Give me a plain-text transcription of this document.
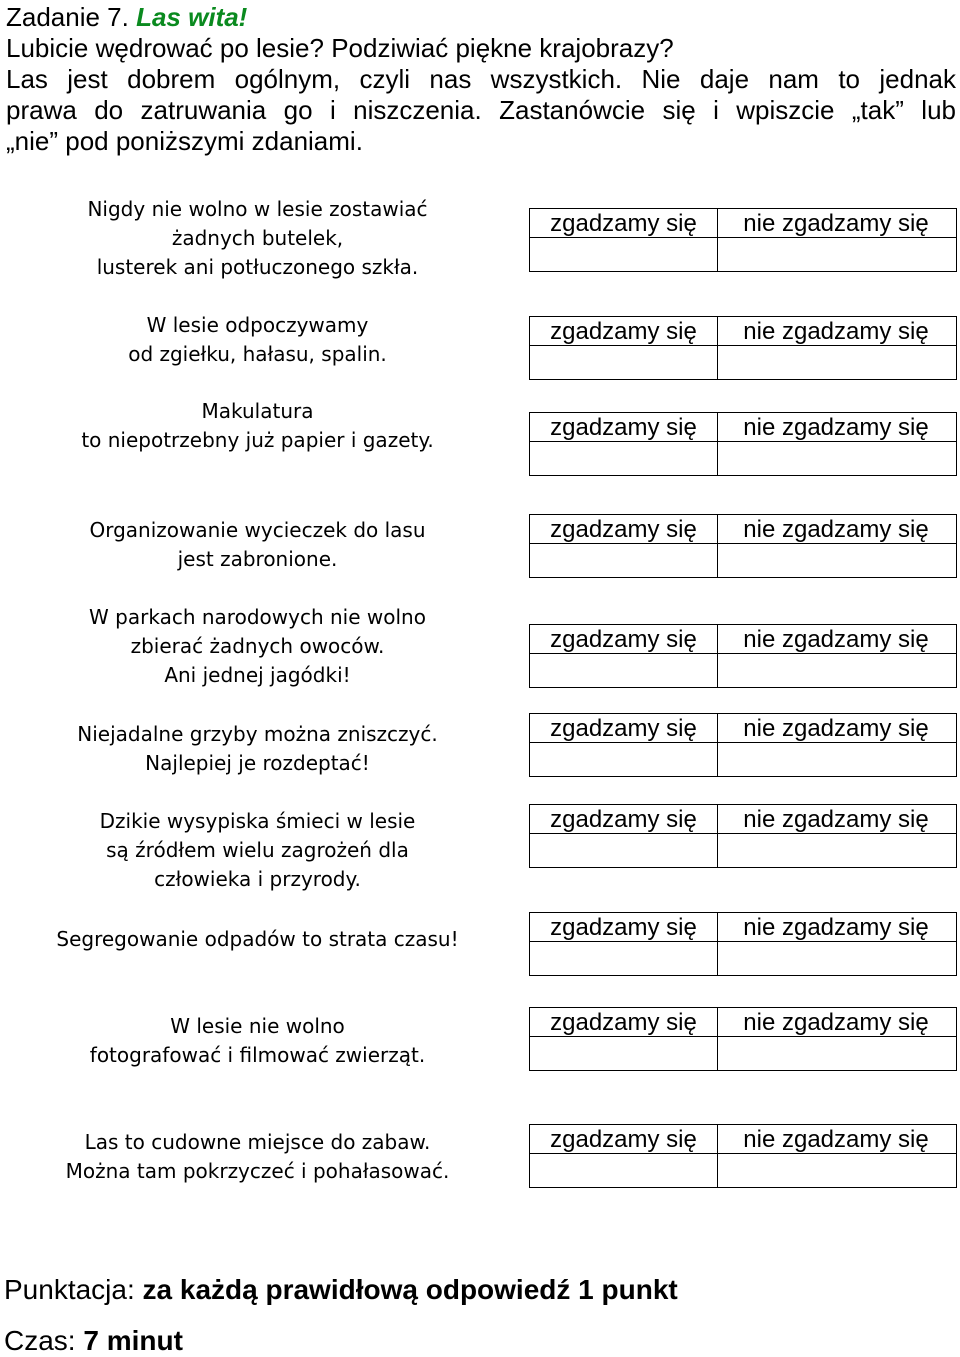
Zadanie 7. Las wita!

Lubicie wędrować po lesie? Podziwiać piękne krajobrazy?

Las jest dobrem ogólnym, czyli nas wszystkich. Nie daje nam to jednak

prawa do zatruwania go i niszczenia. Zastanówcie się i wpiszcie „tak” lub

„nie” pod poniższymi zdaniami.

Nigdy nie wolno w lesie zostawiać
żadnych butelek,
lusterek ani potłuczonego szkła.
zgadzamy się	nie zgadzamy się
W lesie odpoczywamy
od zgiełku, hałasu, spalin.
zgadzamy się	nie zgadzamy się
Makulatura
to niepotrzebny już papier i gazety.	zgadzamy się	nie zgadzamy się
Organizowanie wycieczek do lasu
jest zabronione.
zgadzamy się	nie zgadzamy się
W parkach narodowych nie wolno
zbierać żadnych owoców.
Ani jednej jagódki!
zgadzamy się	nie zgadzamy się
Niejadalne grzyby można zniszczyć.
Najlepiej je rozdeptać!
zgadzamy się	nie zgadzamy się
Dzikie wysypiska śmieci w lesie
są źródłem wielu zagrożeń dla
człowieka i przyrody.
zgadzamy się	nie zgadzamy się
Segregowanie odpadów to strata czasu!	zgadzamy się	nie zgadzamy się
W lesie nie wolno
fotografować i filmować zwierząt.
zgadzamy się	nie zgadzamy się
Las to cudowne miejsce do zabaw.
Można tam pokrzyczeć i pohałasować.
zgadzamy się	nie zgadzamy się
Punktacja: za każdą prawidłową odpowiedź 1 punkt
Czas: 7 minut
